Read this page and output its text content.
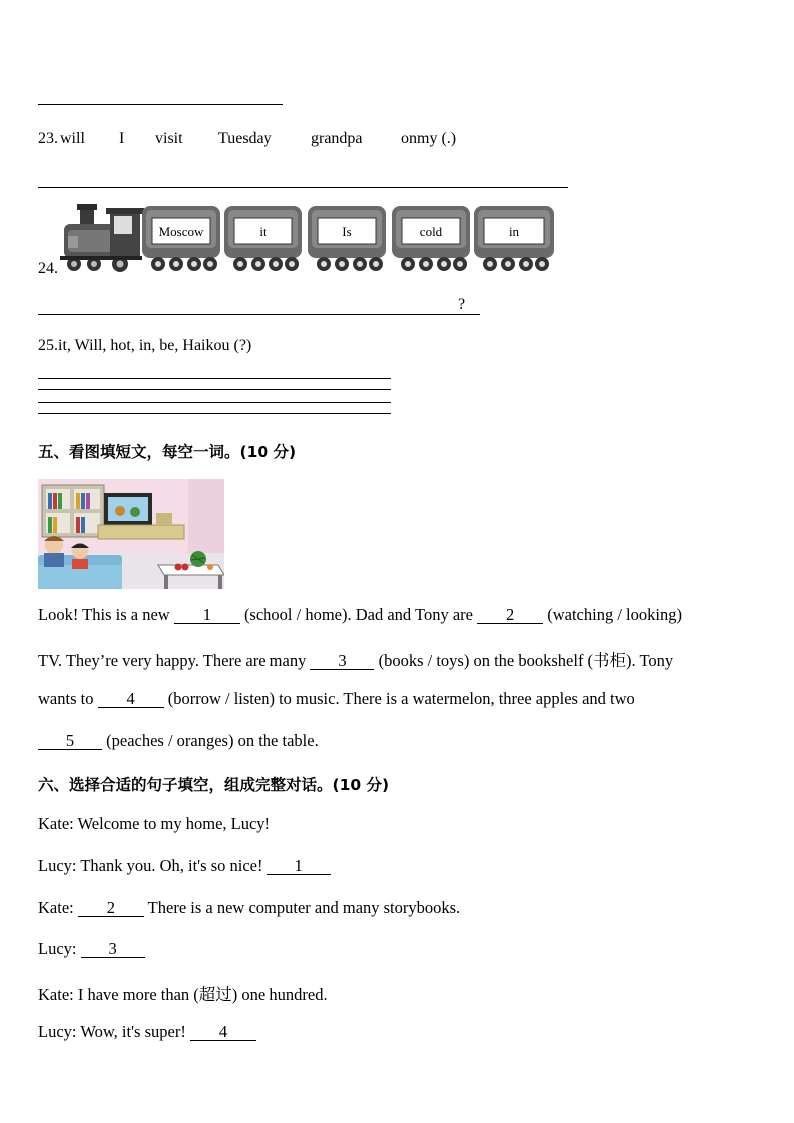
23. will I visit Tuesday grandpa onmy (.)
24.
Moscow	it	Is	cold	in
?
25.it, Will, hot, in, be, Haikou (?)
五、看图填短文，每空一词。(10 分)
Look! This is a new 1 (school / home). Dad and Tony are 2 (watching / looking)
TV. They’re very happy. There are many 3 (books / toys) on the bookshelf (书柜). Tony
wants to 4 (borrow / listen) to music. There is a watermelon, three apples and two
5 (peaches / oranges) on the table.
六、选择合适的句子填空，组成完整对话。(10 分)
Kate: Welcome to my home, Lucy!
Lucy: Thank you. Oh, it's so nice! 1
Kate: 2 There is a new computer and many storybooks.
Lucy: 3
Kate: I have more than (超过) one hundred.
Lucy: Wow, it's super! 4
